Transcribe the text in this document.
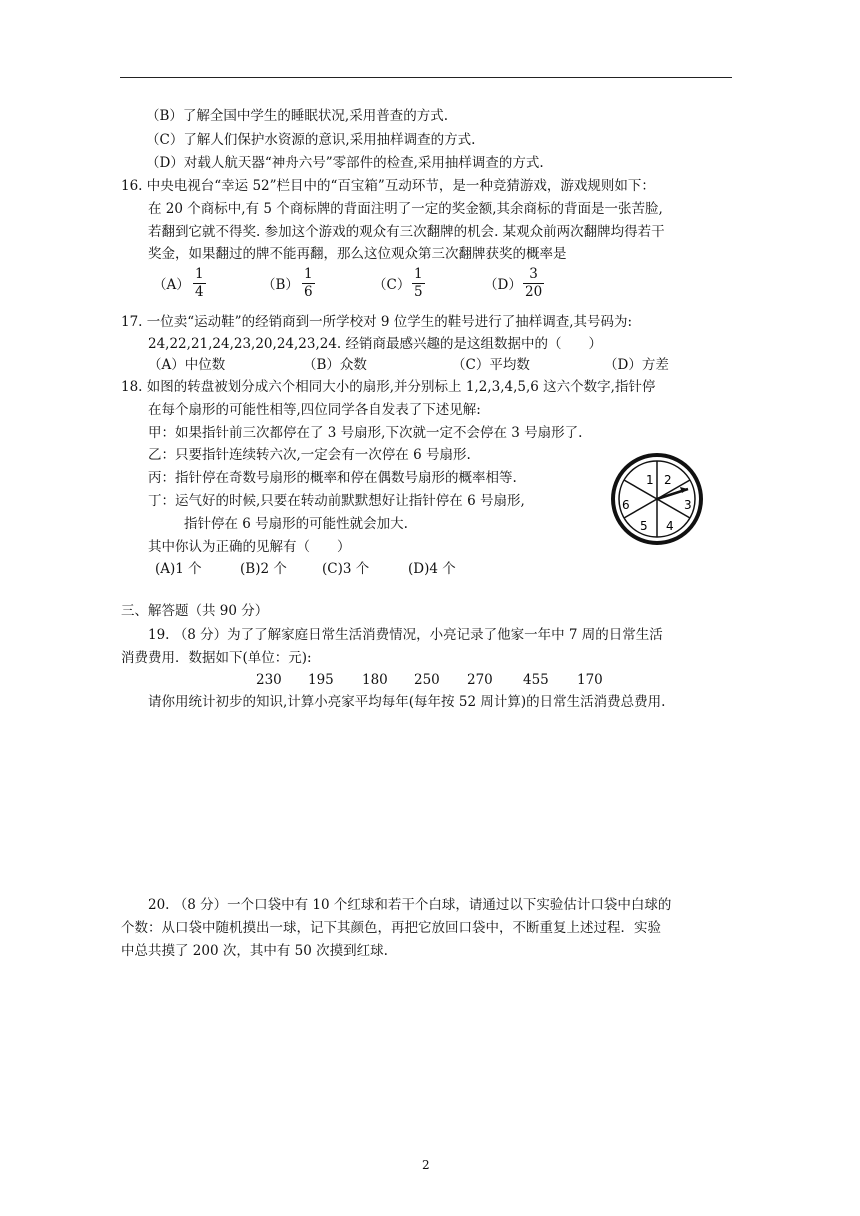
（B）了解全国中学生的睡眠状况,采用普查的方式.
（C）了解人们保护水资源的意识,采用抽样调查的方式.
（D）对载人航天器“神舟六号”零部件的检查,采用抽样调查的方式.
16. 中央电视台“幸运 52”栏目中的“百宝箱”互动环节，是一种竞猜游戏，游戏规则如下：
在 20 个商标中,有 5 个商标牌的背面注明了一定的奖金额,其余商标的背面是一张苦脸,
若翻到它就不得奖. 参加这个游戏的观众有三次翻牌的机会. 某观众前两次翻牌均得若干
奖金，如果翻过的牌不能再翻，那么这位观众第三次翻牌获奖的概率是
（A）
1
4	（B）
1
6	（C）
1
5	（D）
3
20
17. 一位卖“运动鞋”的经销商到一所学校对 9 位学生的鞋号进行了抽样调查,其号码为:
24,22,21,24,23,20,24,23,24. 经销商最感兴趣的是这组数据中的（　　）
（A）中位数	（B）众数	（C）平均数	（D）方差
18. 如图的转盘被划分成六个相同大小的扇形,并分别标上 1,2,3,4,5,6 这六个数字,指针停
在每个扇形的可能性相等,四位同学各自发表了下述见解:
甲：如果指针前三次都停在了 3 号扇形,下次就一定不会停在 3 号扇形了.
乙：只要指针连续转六次,一定会有一次停在 6 号扇形.
丙：指针停在奇数号扇形的概率和停在偶数号扇形的概率相等.
丁：运气好的时候,只要在转动前默默想好让指针停在 6 号扇形,
指针停在 6 号扇形的可能性就会加大.
其中你认为正确的见解有（　　）
(A)1 个	(B)2 个	(C)3 个	(D)4 个
1 2
3
4
5
6
三、解答题（共 90 分）
19. （8 分）为了了解家庭日常生活消费情况，小亮记录了他家一年中 7 周的日常生活
消费费用．数据如下(单位：元):
230	195	180	250	270	455	170
请你用统计初步的知识,计算小亮家平均每年(每年按 52 周计算)的日常生活消费总费用.
20. （8 分）一个口袋中有 10 个红球和若干个白球，请通过以下实验估计口袋中白球的
个数：从口袋中随机摸出一球，记下其颜色，再把它放回口袋中，不断重复上述过程．实验
中总共摸了 200 次，其中有 50 次摸到红球.
2
